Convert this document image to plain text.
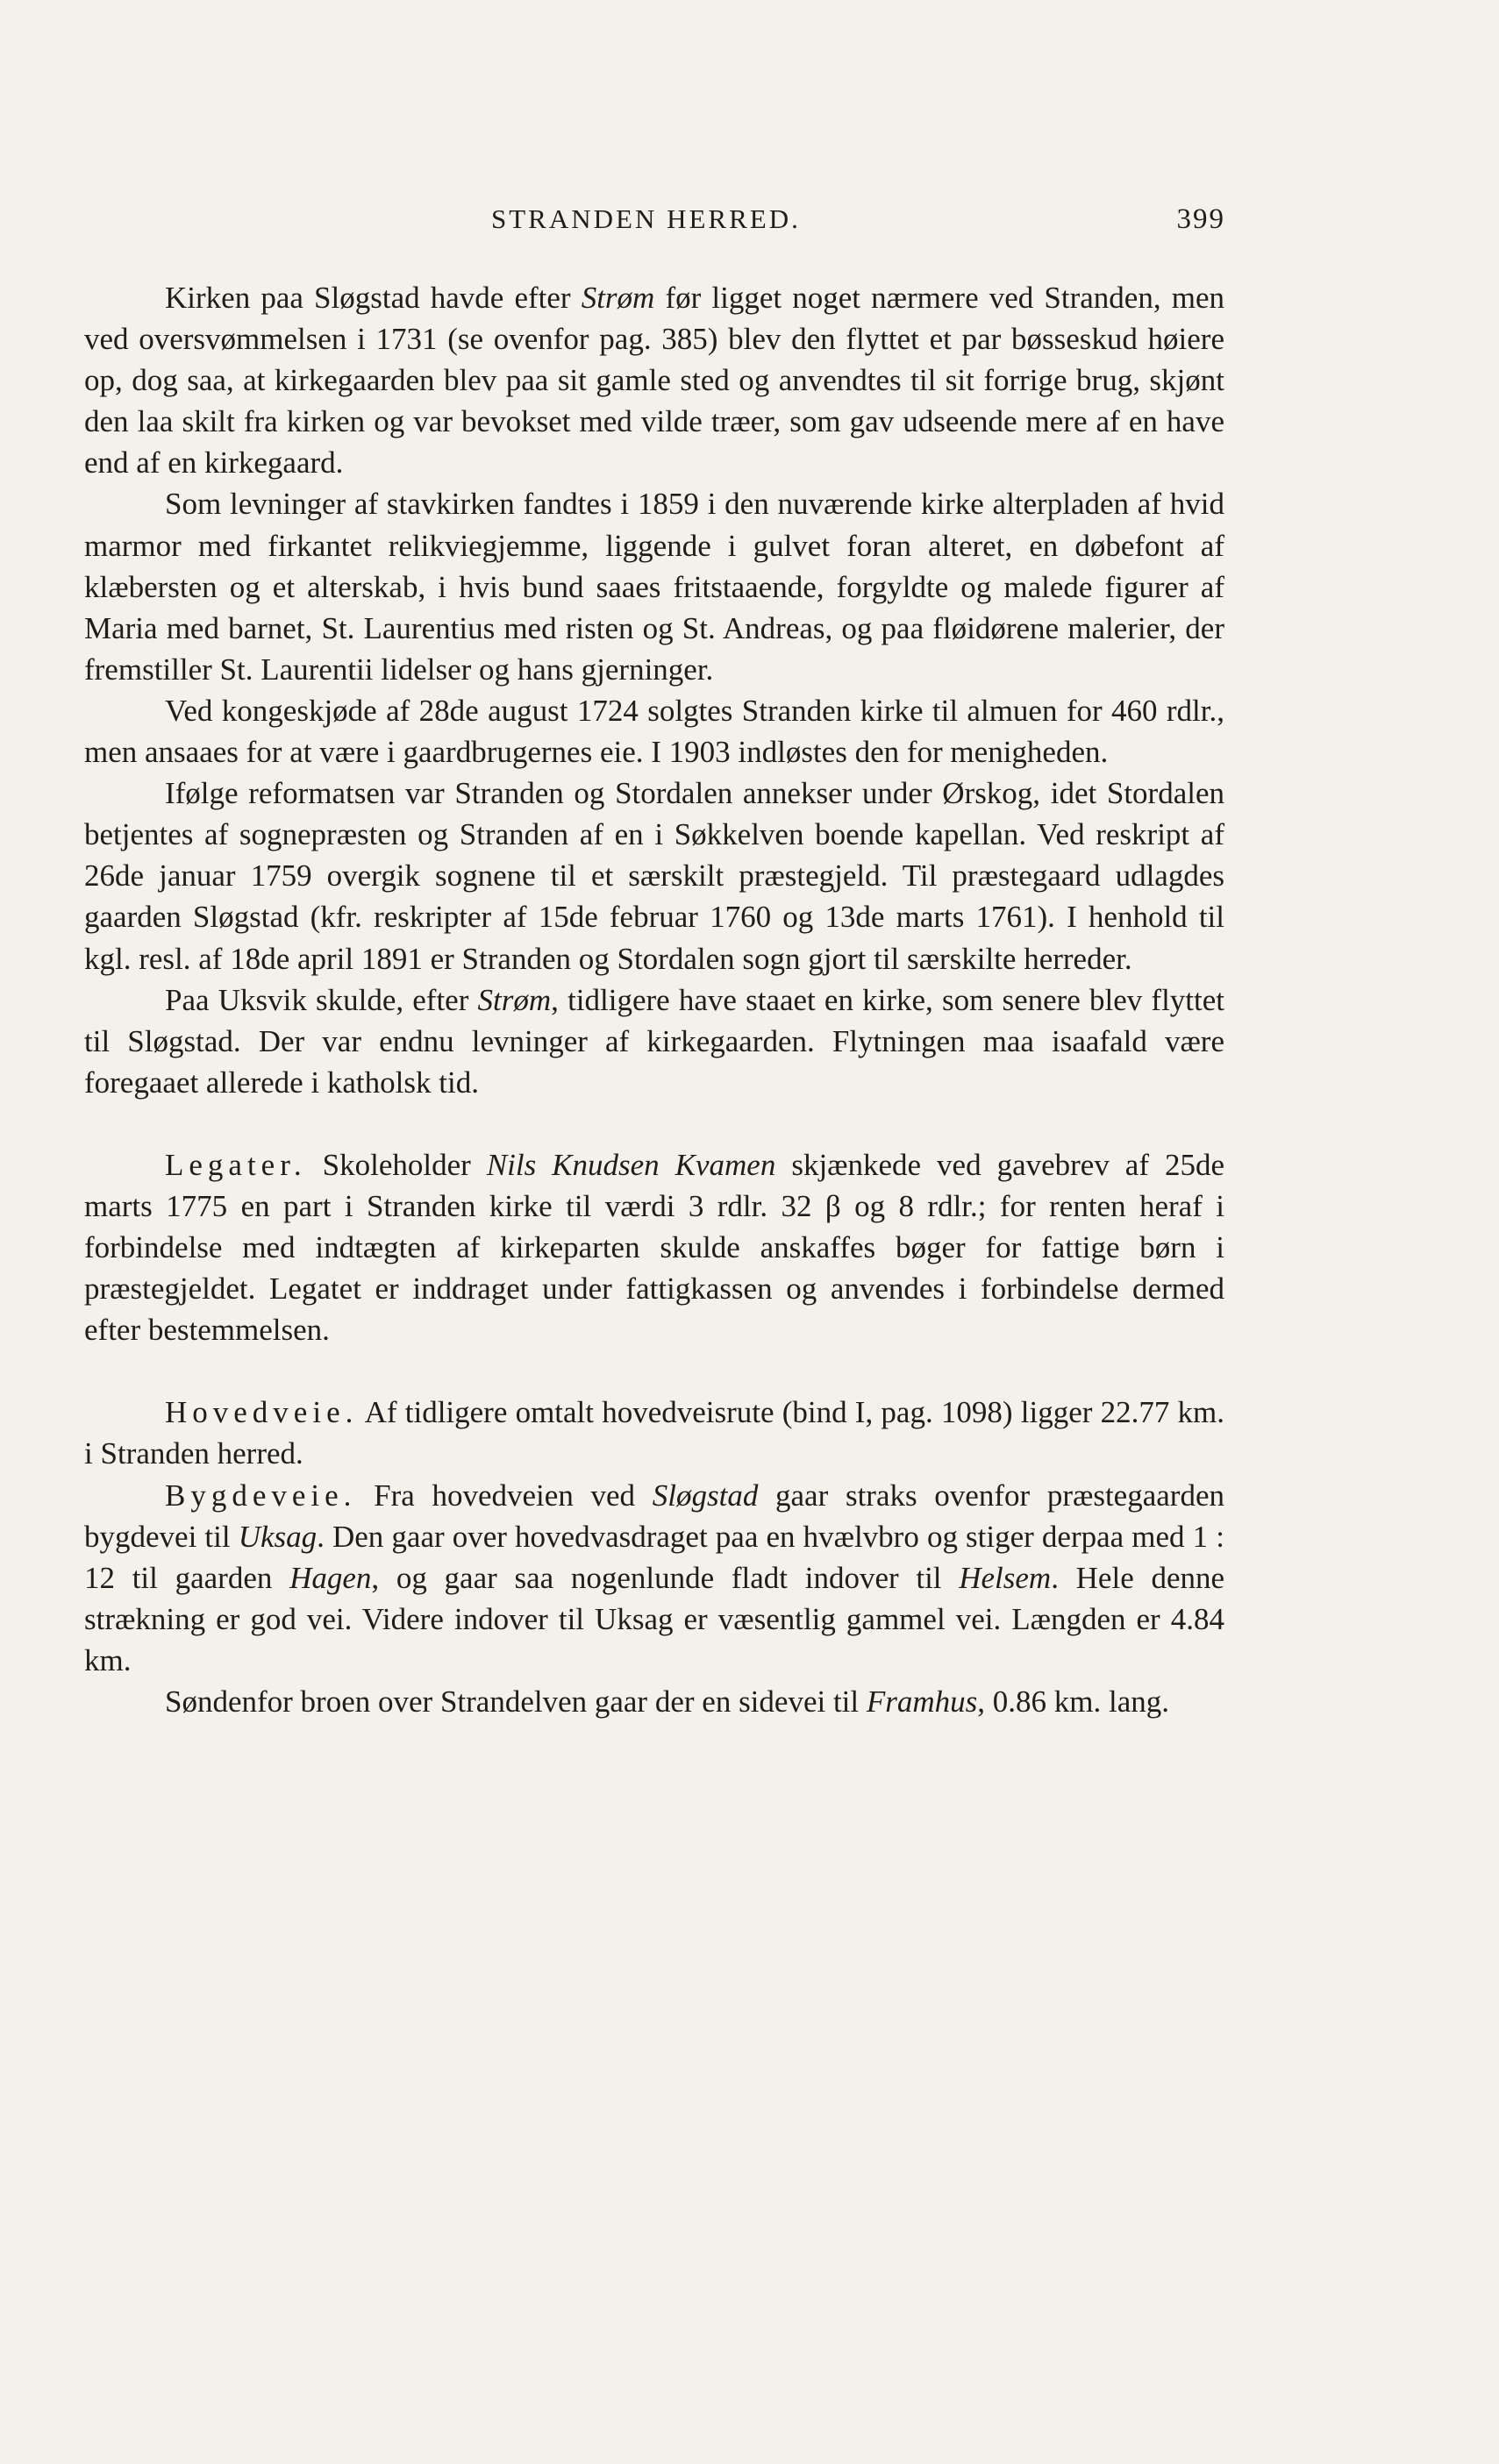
STRANDEN HERRED.	399

Kirken paa Sløgstad havde efter Strøm før ligget noget nærmere ved Stranden, men ved oversvømmelsen i 1731 (se ovenfor pag. 385) blev den flyttet et par bøsseskud høiere op, dog saa, at kirkegaarden blev paa sit gamle sted og anvendtes til sit forrige brug, skjønt den laa skilt fra kirken og var bevokset med vilde træer, som gav udseende mere af en have end af en kirkegaard.

Som levninger af stavkirken fandtes i 1859 i den nuværende kirke alterpladen af hvid marmor med firkantet relikviegjemme, liggende i gulvet foran alteret, en døbefont af klæbersten og et alterskab, i hvis bund saaes fritstaaende, forgyldte og malede figurer af Maria med barnet, St. Laurentius med risten og St. Andreas, og paa fløidørene malerier, der fremstiller St. Laurentii lidelser og hans gjerninger.

Ved kongeskjøde af 28de august 1724 solgtes Stranden kirke til almuen for 460 rdlr., men ansaaes for at være i gaardbrugernes eie. I 1903 indløstes den for menigheden.

Ifølge reformatsen var Stranden og Stordalen annekser under Ørskog, idet Stordalen betjentes af sognepræsten og Stranden af en i Søkkelven boende kapellan. Ved reskript af 26de januar 1759 overgik sognene til et særskilt præstegjeld. Til præstegaard udlagdes gaarden Sløgstad (kfr. reskripter af 15de februar 1760 og 13de marts 1761). I henhold til kgl. resl. af 18de april 1891 er Stranden og Stordalen sogn gjort til særskilte herreder.

Paa Uksvik skulde, efter Strøm, tidligere have staaet en kirke, som senere blev flyttet til Sløgstad. Der var endnu levninger af kirkegaarden. Flytningen maa isaafald være foregaaet allerede i katholsk tid.

Legater. Skoleholder Nils Knudsen Kvamen skjænkede ved gavebrev af 25de marts 1775 en part i Stranden kirke til værdi 3 rdlr. 32 β og 8 rdlr.; for renten heraf i forbindelse med indtægten af kirkeparten skulde anskaffes bøger for fattige børn i præstegjeldet. Legatet er inddraget under fattigkassen og anvendes i forbindelse dermed efter bestemmelsen.

Hovedveie. Af tidligere omtalt hovedveisrute (bind I, pag. 1098) ligger 22.77 km. i Stranden herred.

Bygdeveie. Fra hovedveien ved Sløgstad gaar straks ovenfor præstegaarden bygdevei til Uksag. Den gaar over hovedvasdraget paa en hvælvbro og stiger derpaa med 1 : 12 til gaarden Hagen, og gaar saa nogenlunde fladt indover til Helsem. Hele denne strækning er god vei. Videre indover til Uksag er væsentlig gammel vei. Længden er 4.84 km.

Søndenfor broen over Strandelven gaar der en sidevei til Framhus, 0.86 km. lang.
